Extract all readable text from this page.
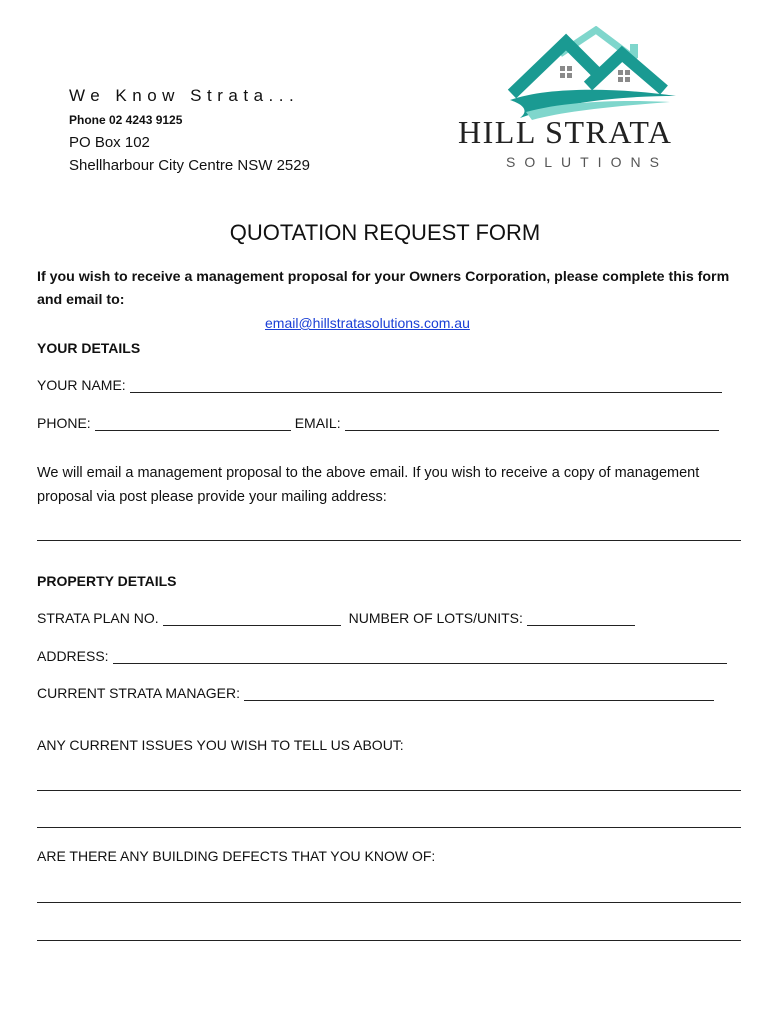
We Know Strata...
Phone 02 4243 9125
PO Box 102
Shellharbour City Centre NSW 2529
HILL STRATA
SOLUTIONS
QUOTATION REQUEST FORM
If you wish to receive a management proposal for your Owners Corporation, please complete this form and email to:
email@hillstratasolutions.com.au
YOUR DETAILS
YOUR NAME:
PHONE:	EMAIL:
We will email a management proposal to the above email. If you wish to receive a copy of management proposal via post please provide your mailing address:
PROPERTY DETAILS
STRATA PLAN NO.	NUMBER OF LOTS/UNITS:
ADDRESS:
CURRENT STRATA MANAGER:
ANY CURRENT ISSUES YOU WISH TO TELL US ABOUT:
ARE THERE ANY BUILDING DEFECTS THAT YOU KNOW OF:
